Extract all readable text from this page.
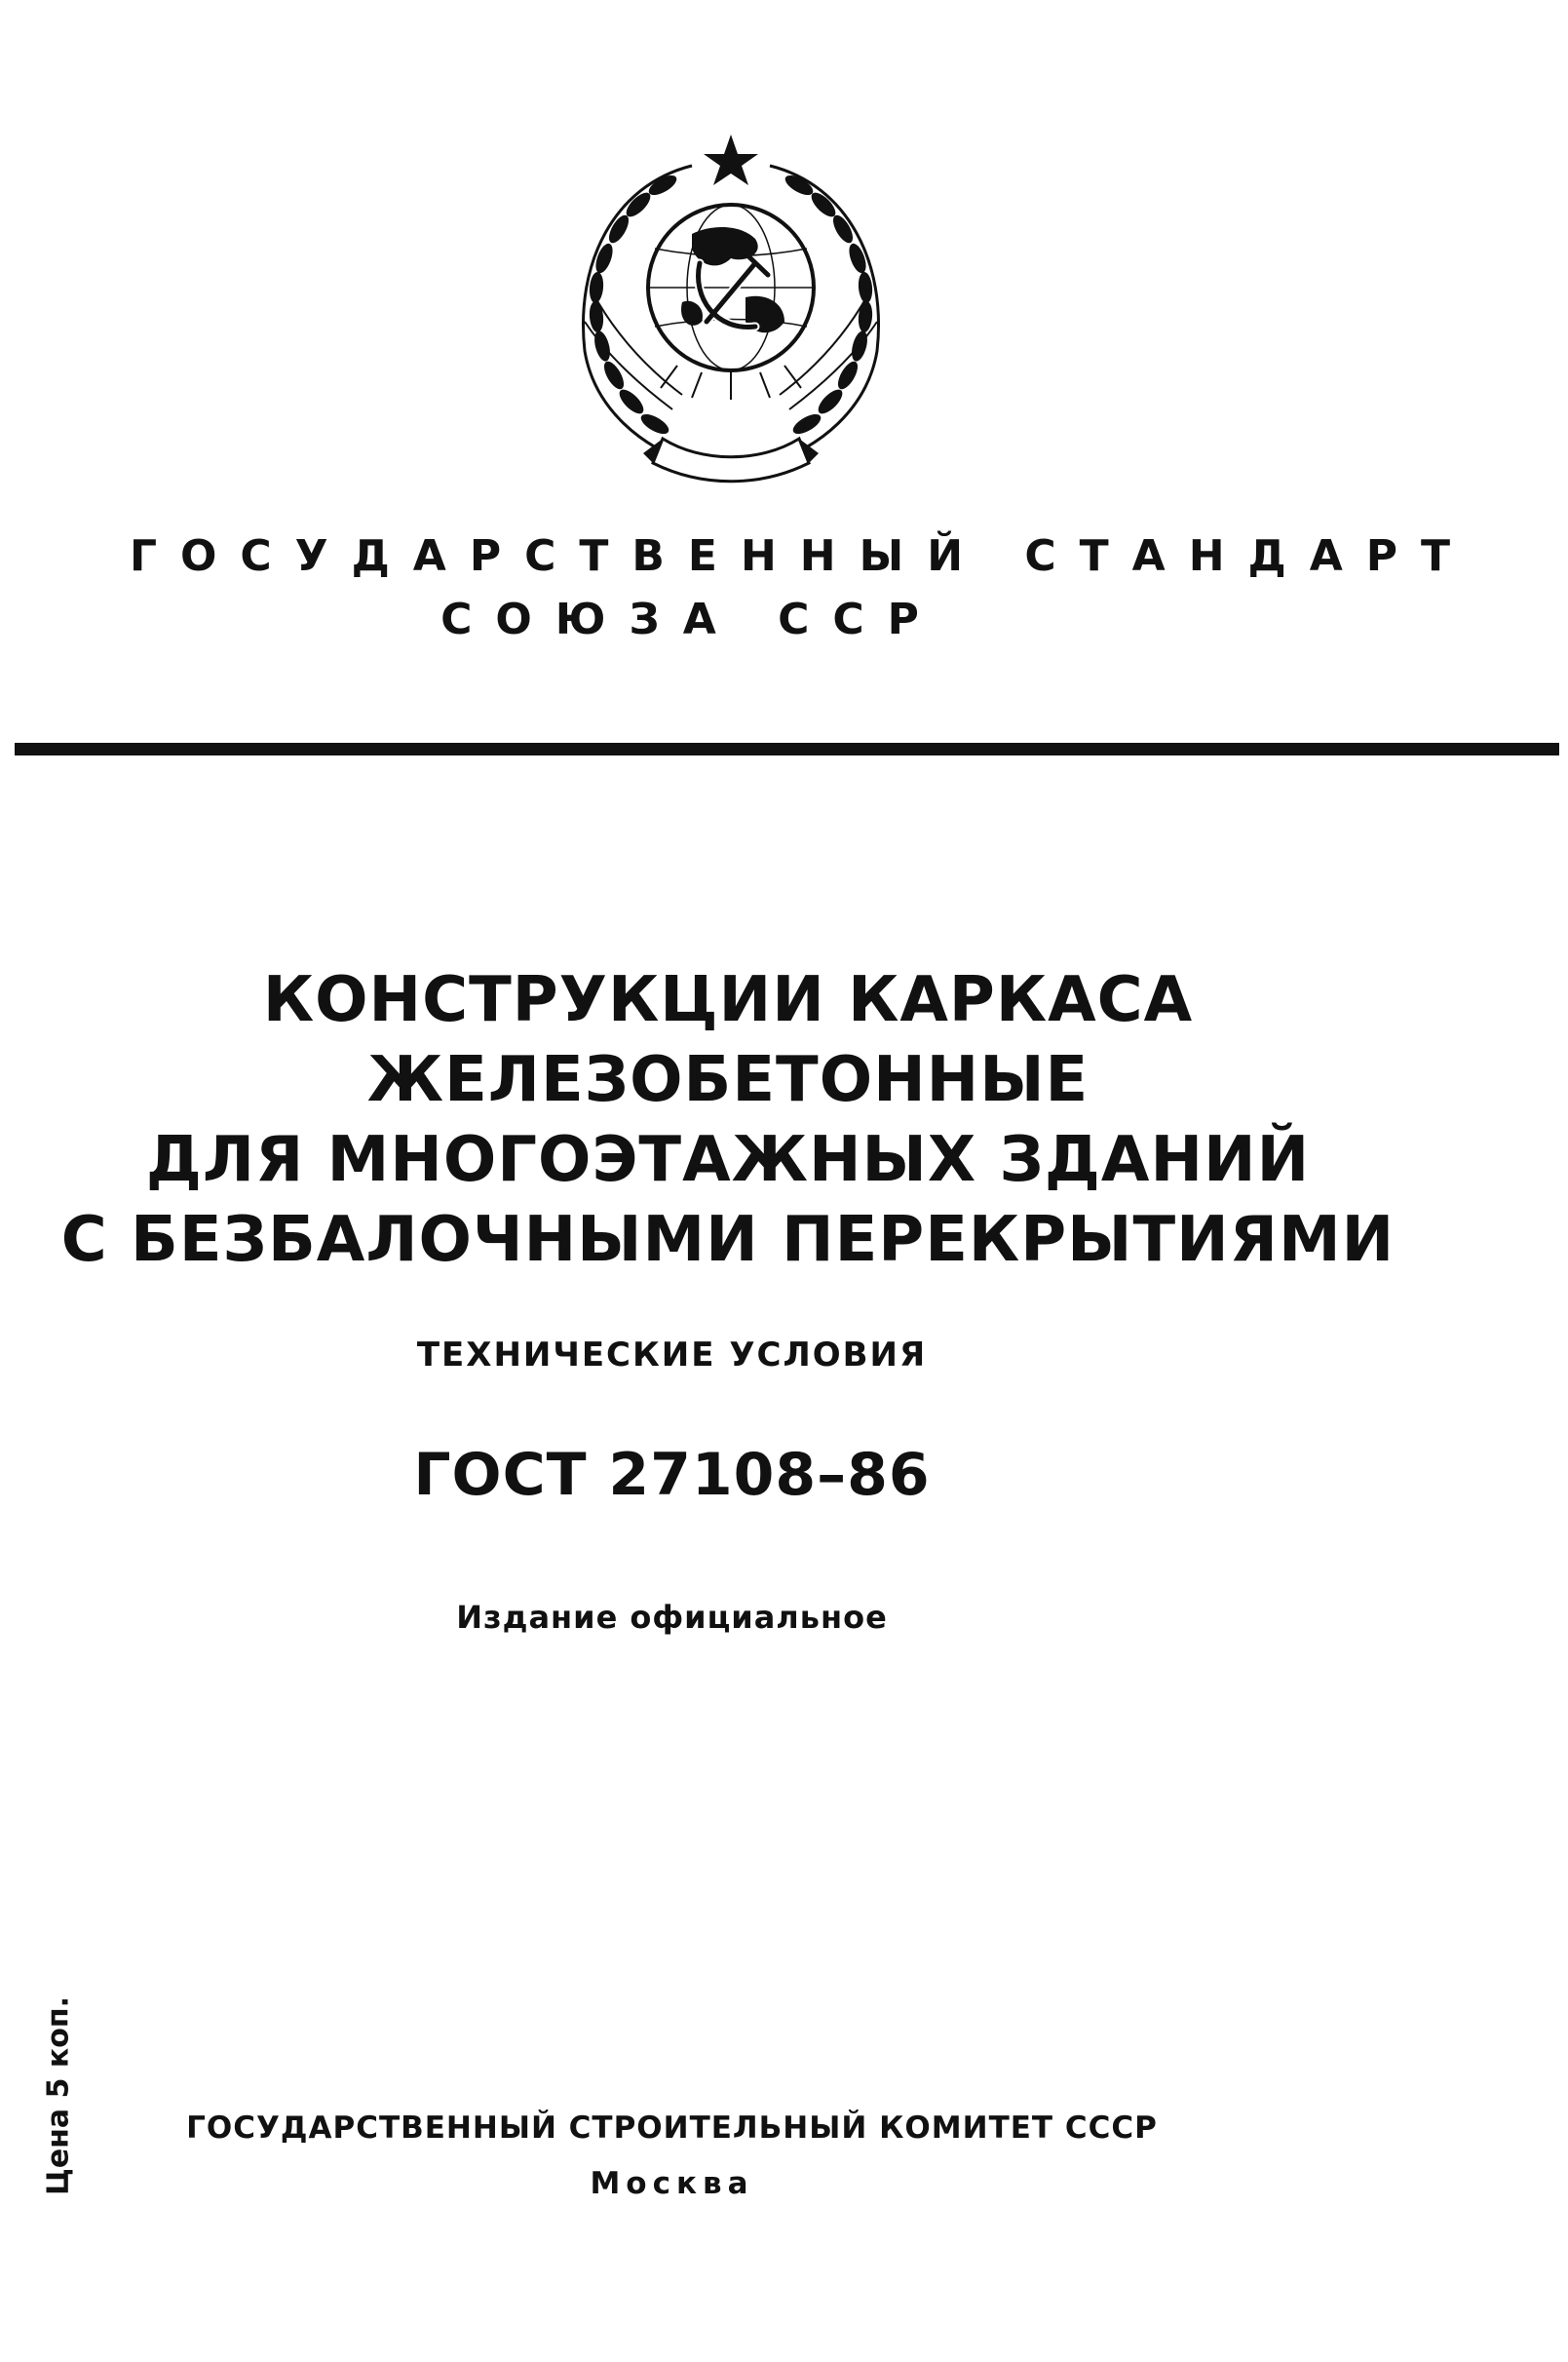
ГОСУДАРСТВЕННЫЙ СТАНДАРТ
СОЮЗА ССР
КОНСТРУКЦИИ КАРКАСА
ЖЕЛЕЗОБЕТОННЫЕ
ДЛЯ МНОГОЭТАЖНЫХ ЗДАНИЙ
С БЕЗБАЛОЧНЫМИ ПЕРЕКРЫТИЯМИ
ТЕХНИЧЕСКИЕ УСЛОВИЯ
ГОСТ 27108–86
Издание официальное
Цена 5 коп.	ГОСУДАРСТВЕННЫЙ СТРОИТЕЛЬНЫЙ КОМИТЕТ СССР
Москва
